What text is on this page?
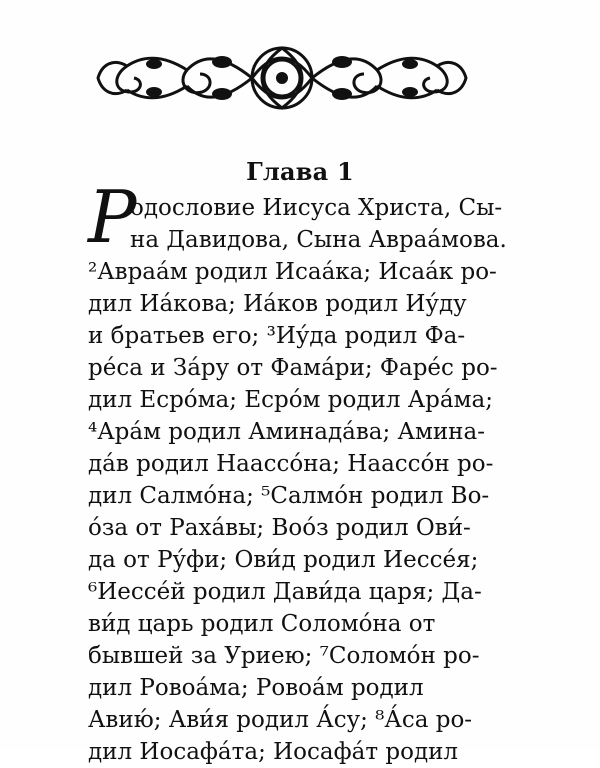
Глава 1
Р
одословие Иисуса Христа, Сы-
на Давидова, Сына Авраа́мова.
²Авраа́м родил Исаа́ка; Исаа́к ро-
дил Иа́кова; Иа́ков родил Иу́ду
и братьев его; ³Иу́да родил Фа-
ре́са и За́ру от Фама́ри; Фаре́с ро-
дил Есро́ма; Есро́м родил Ара́ма;
⁴Ара́м родил Аминада́ва; Амина-
да́в родил Наассо́на; Наассо́н ро-
дил Салмо́на; ⁵Салмо́н родил Во-
о́за от Рахáвы; Воо́з родил Ови́-
да от Ру́фи; Ови́д родил Иессе́я;
⁶Иессе́й родил Дави́да царя; Да-
ви́д царь родил Соломо́на от
бывшей за Уриею; ⁷Соломо́н ро-
дил Ровоа́ма; Ровоа́м родил
Авию́; Ави́я родил А́су; ⁸А́са ро-
дил Иосафа́та; Иосафа́т родил
